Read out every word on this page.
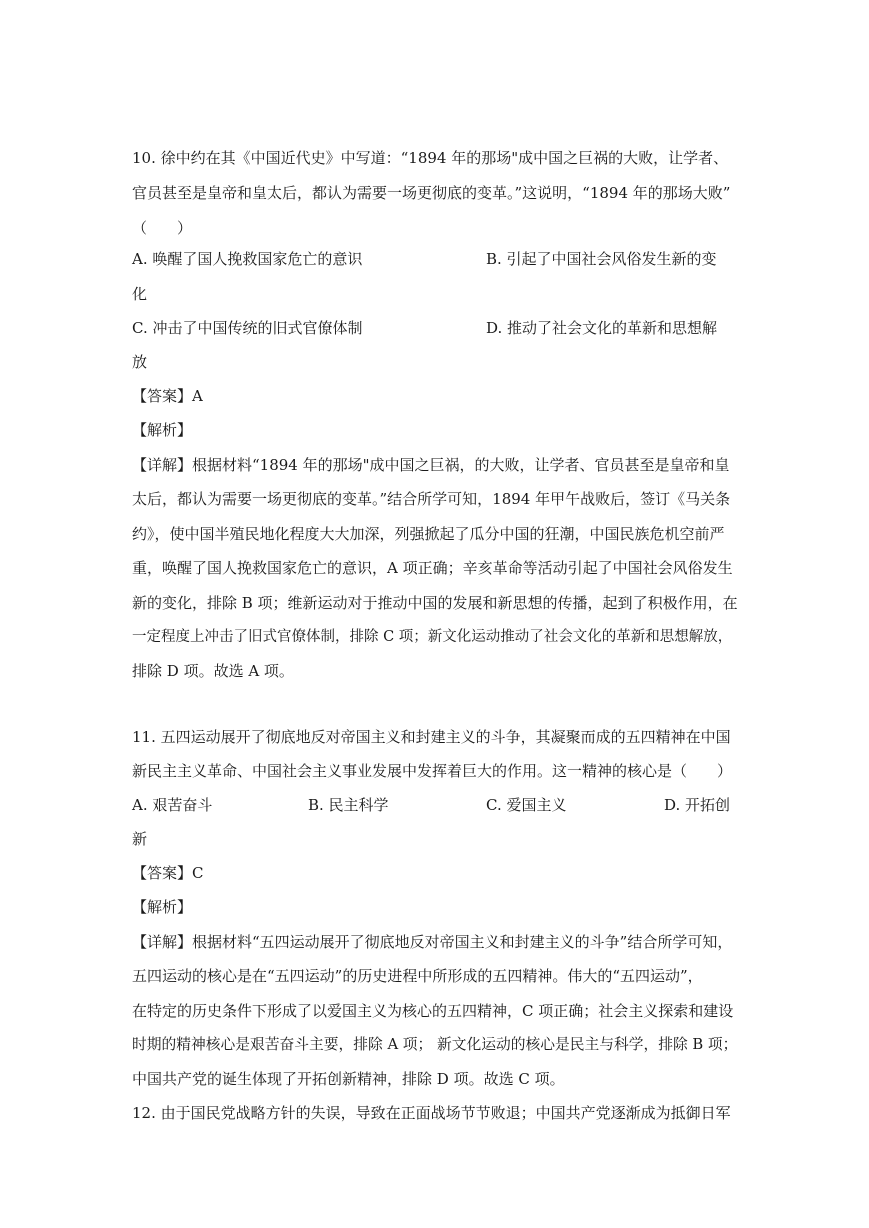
10. 徐中约在其《中国近代史》中写道：“1894 年的那场"成中国之巨祸的大败，让学者、
官员甚至是皇帝和皇太后，都认为需要一场更彻底的变革。”这说明，“1894 年的那场大败”
（　　）
A. 唤醒了国人挽救国家危亡的意识	B. 引起了中国社会风俗发生新的变
化
C. 冲击了中国传统的旧式官僚体制	D. 推动了社会文化的革新和思想解
放
【答案】A
【解析】
【详解】根据材料“1894 年的那场"成中国之巨祸，的大败，让学者、官员甚至是皇帝和皇
太后，都认为需要一场更彻底的变革。”结合所学可知，1894 年甲午战败后，签订《马关条
约》，使中国半殖民地化程度大大加深，列强掀起了瓜分中国的狂潮，中国民族危机空前严
重，唤醒了国人挽救国家危亡的意识，A 项正确；辛亥革命等活动引起了中国社会风俗发生
新的变化，排除 B 项；维新运动对于推动中国的发展和新思想的传播，起到了积极作用，在
一定程度上冲击了旧式官僚体制，排除 C 项；新文化运动推动了社会文化的革新和思想解放，
排除 D 项。故选 A 项。
11. 五四运动展开了彻底地反对帝国主义和封建主义的斗争，其凝聚而成的五四精神在中国
新民主主义革命、中国社会主义事业发展中发挥着巨大的作用。这一精神的核心是（　　）
A. 艰苦奋斗	B. 民主科学	C. 爱国主义	D. 开拓创
新
【答案】C
【解析】
【详解】根据材料“五四运动展开了彻底地反对帝国主义和封建主义的斗争”结合所学可知，
五四运动的核心是在“五四运动”的历史进程中所形成的五四精神。伟大的“五四运动”，
在特定的历史条件下形成了以爱国主义为核心的五四精神，C 项正确；社会主义探索和建设
时期的精神核心是艰苦奋斗主要，排除 A 项； 新文化运动的核心是民主与科学，排除 B 项；
中国共产党的诞生体现了开拓创新精神，排除 D 项。故选 C 项。
12. 由于国民党战略方针的失误，导致在正面战场节节败退；中国共产党逐渐成为抵御日军
